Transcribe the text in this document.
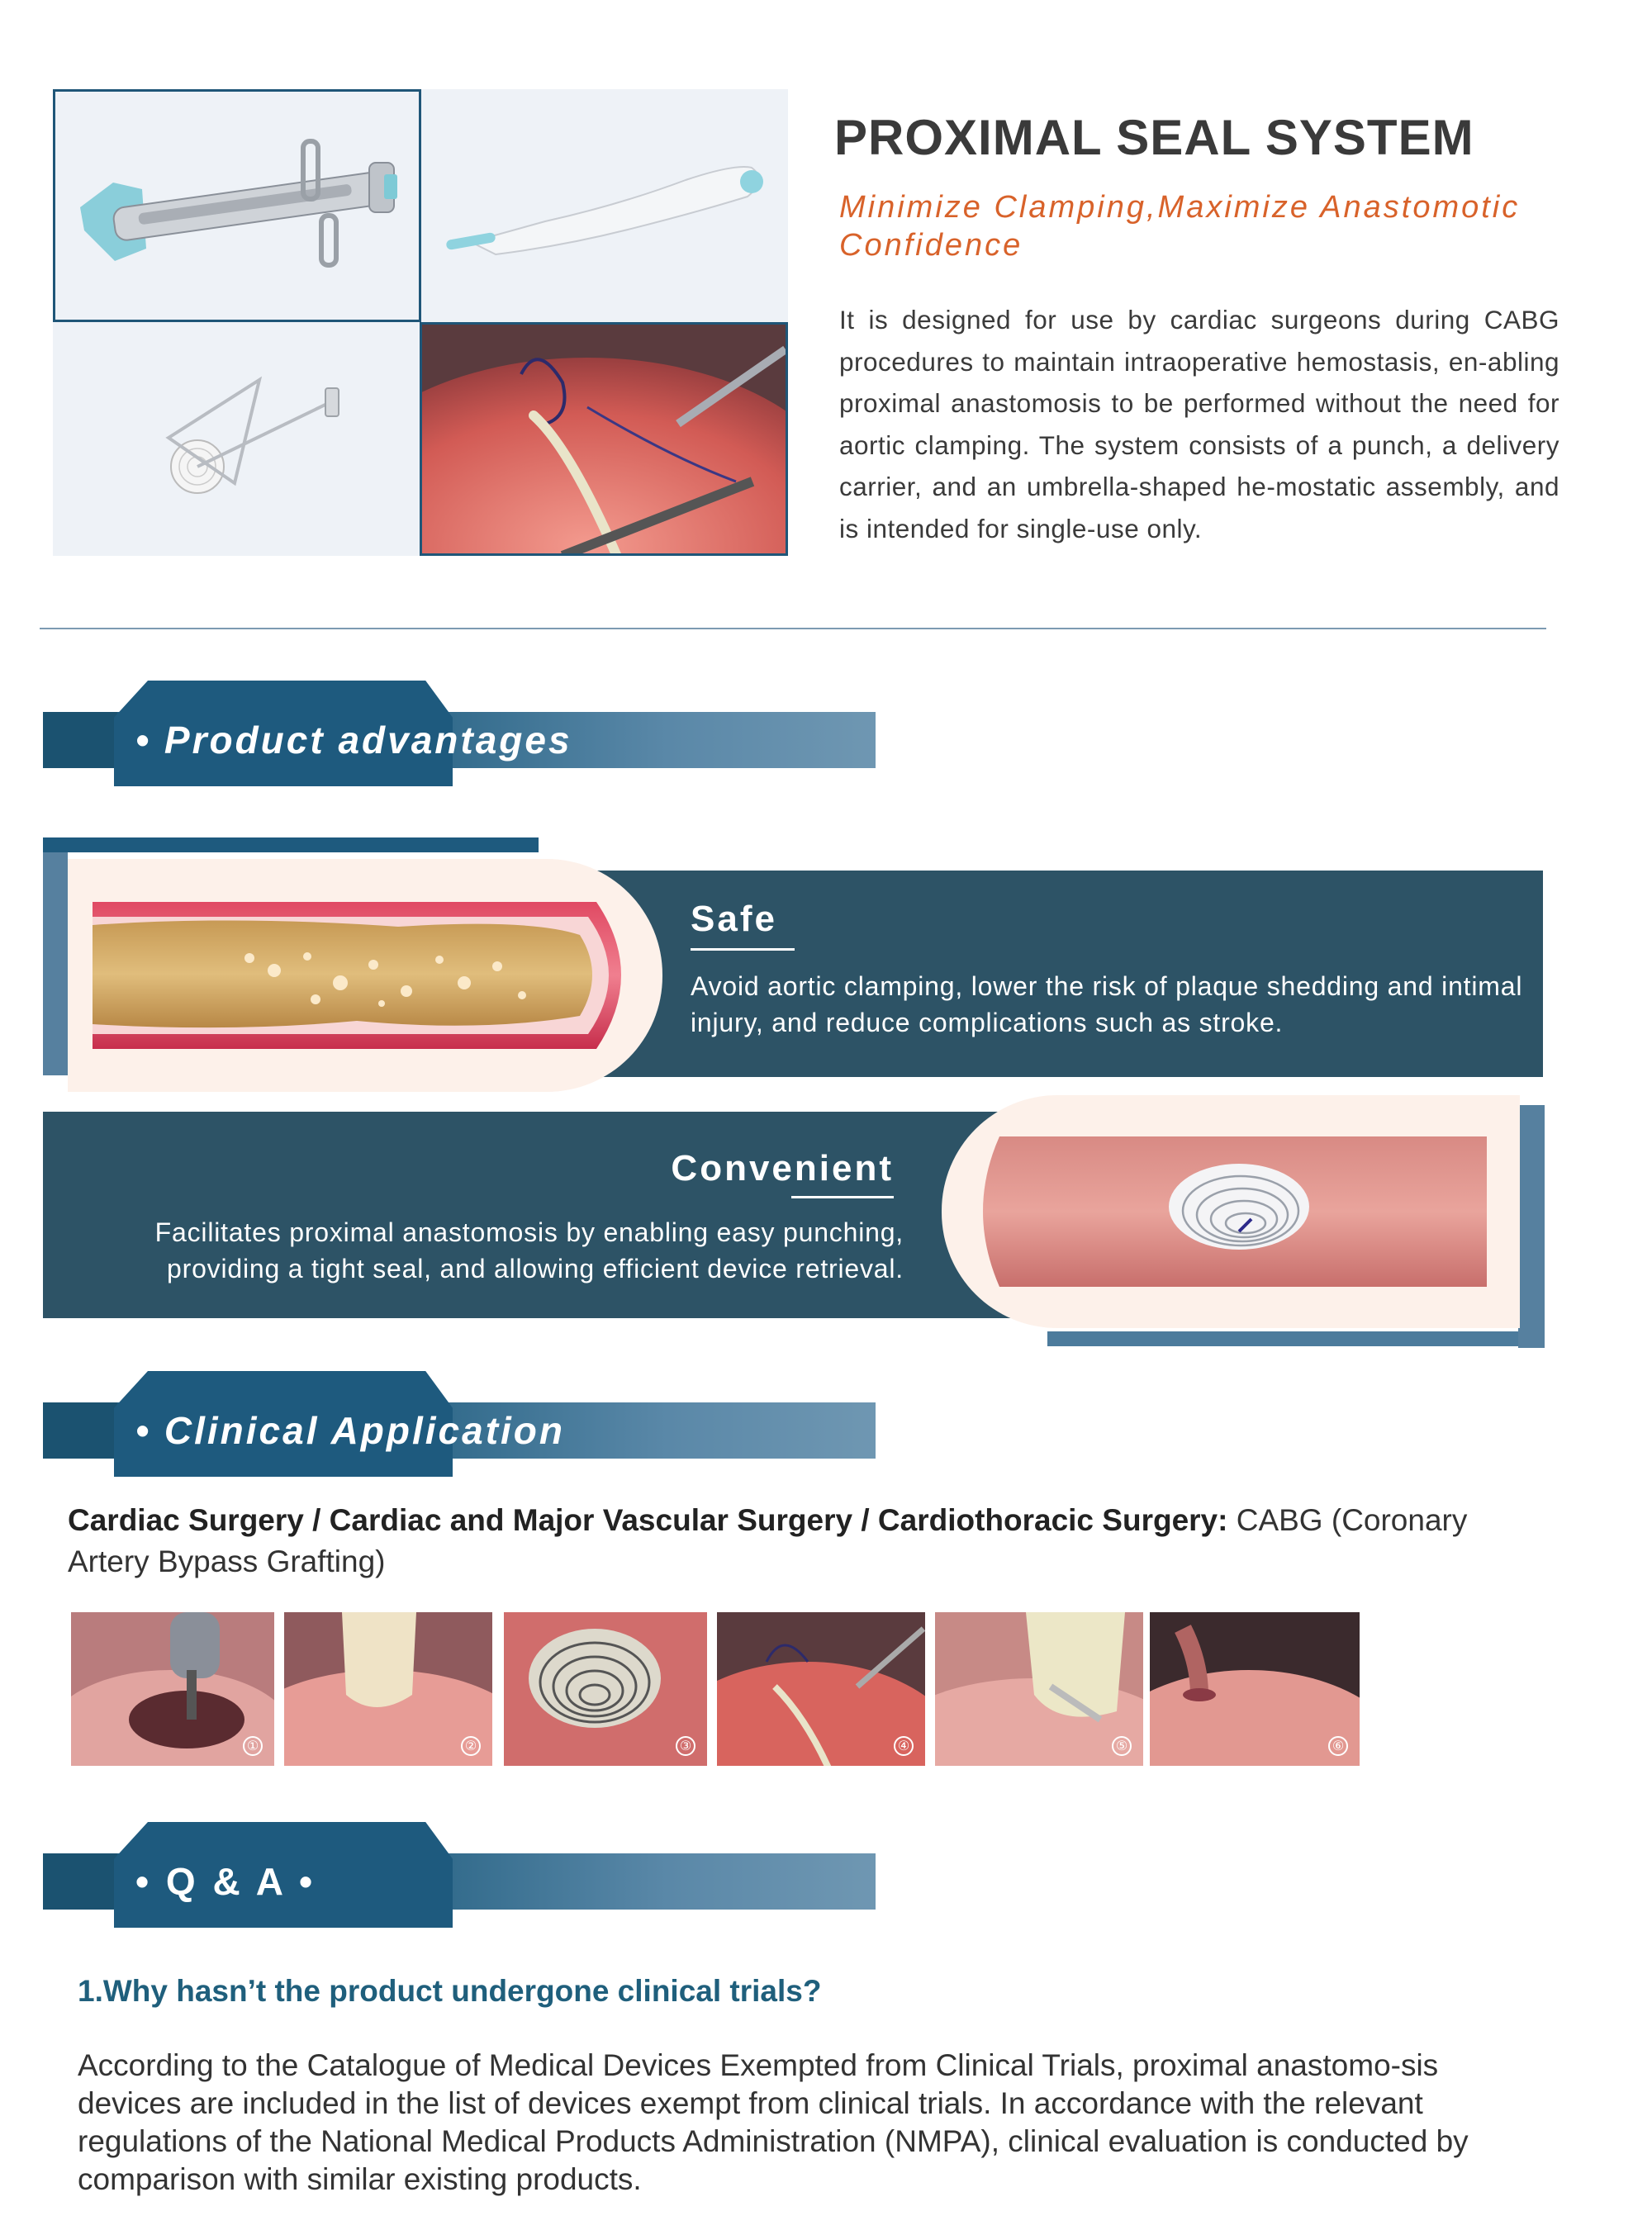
PROXIMAL SEAL SYSTEM
Minimize Clamping,Maximize Anastomotic Confidence
It is designed for use by cardiac surgeons during CABG procedures to maintain intraoperative hemostasis, en-abling proximal anastomosis to be performed without the need for aortic clamping. The system consists of a punch, a delivery carrier, and an umbrella-shaped he-mostatic assembly, and is intended for single-use only.
• Product advantages
Safe
Avoid aortic clamping, lower the risk of plaque shedding and intimal injury, and reduce complications such as stroke.
Convenient
Facilitates proximal anastomosis by enabling easy punching, providing a tight seal, and allowing efficient device retrieval.
• Clinical Application
Cardiac Surgery / Cardiac and Major Vascular Surgery / Cardiothoracic Surgery: CABG (Coronary Artery Bypass Grafting)
①	②	③	④	⑤	⑥
• Q & A •
1.Why hasn’t the product undergone clinical trials?
According to the Catalogue of Medical Devices Exempted from Clinical Trials, proximal anastomo-sis devices are included in the list of devices exempt from clinical trials. In accordance with the relevant regulations of the National Medical Products Administration (NMPA), clinical evaluation is conducted by comparison with similar existing products.
